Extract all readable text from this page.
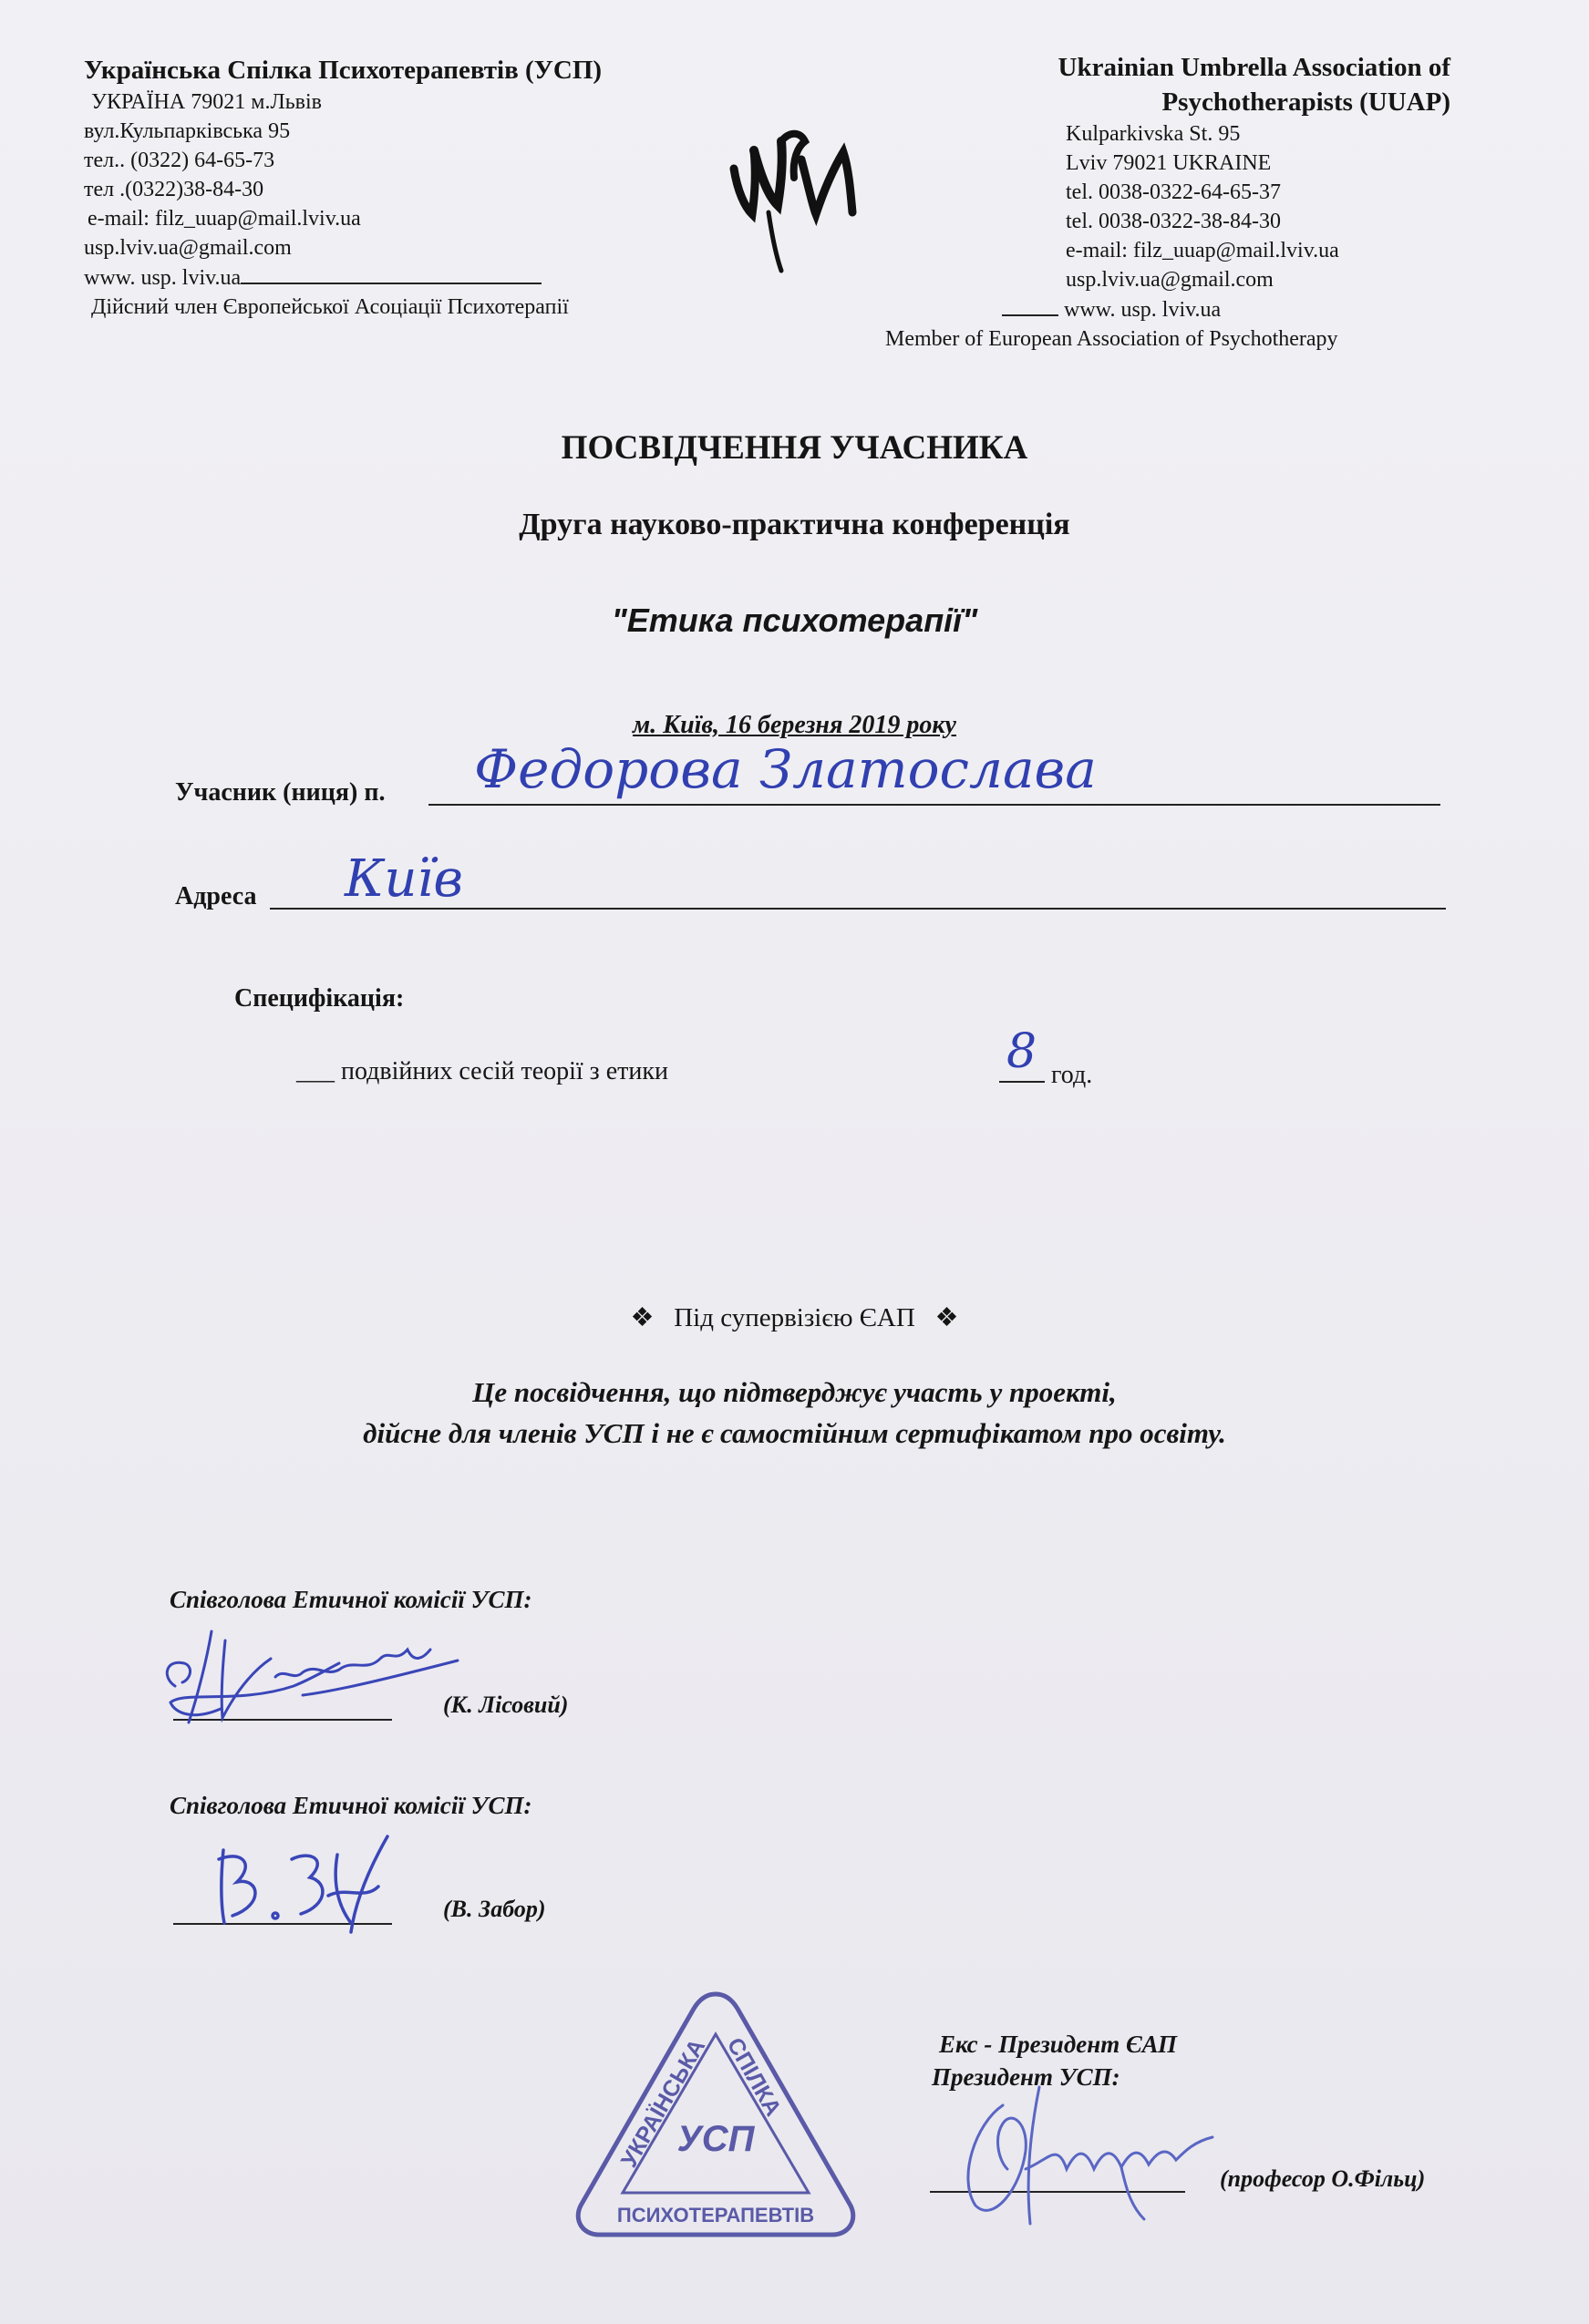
Українська Спілка Психотерапевтів (УСП)
УКРАЇНА 79021 м.Львів
вул.Кульпарківська 95
тел.. (0322) 64-65-73
тел .(0322)38-84-30
e-mail: filz_uuap@mail.lviv.ua
usp.lviv.ua@gmail.com
www. usp. lviv.ua
Дійсний член Європейської Асоціації Психотерапії
Ukrainian Umbrella Association of Psychotherapists (UUAP)
Kulparkivska St. 95
Lviv 79021 UKRAINE
tel. 0038-0322-64-65-37
tel. 0038-0322-38-84-30
e-mail: filz_uuap@mail.lviv.ua
usp.lviv.ua@gmail.com
www. usp. lviv.ua
Member of European Association of Psychotherapy
ПОСВІДЧЕННЯ УЧАСНИКА
Друга науково-практична конференція
"Етика психотерапії"
м. Київ, 16 березня 2019 року
Учасник (ниця) п. Федорова Златослава
Адреса Київ
Специфікація:
___ подвійних сесій теорії з етики	8 год.
❖ Під супервізією ЄАП ❖
Це посвідчення, що підтверджує участь у проекті,
дійсне для членів УСП і не є самостійним сертифікатом про освіту.
Співголова Етичної комісії УСП:
(К. Лісовий)
Співголова Етичної комісії УСП:
(В. Забор)
Екс - Президент ЄАП
Президент УСП:
(професор О.Фільц)
УКРАЇНСЬКА СПІЛКА
ПСИХОТЕРАПЕВТІВ
УСП
